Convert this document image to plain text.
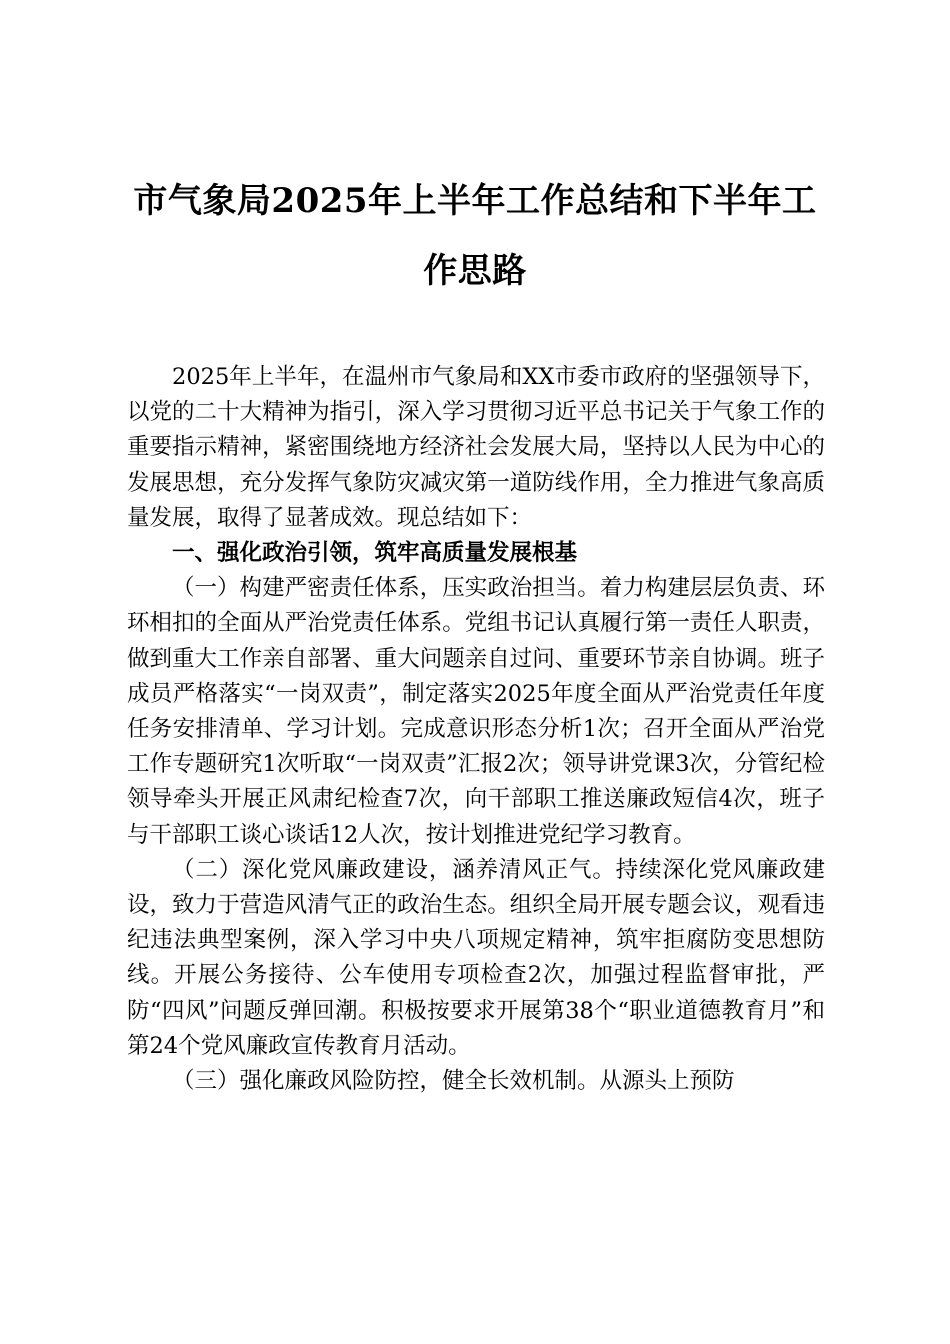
市气象局2025年上半年工作总结和下半年工作思路

2025年上半年，在温州市气象局和XX市委市政府的坚强领导下，以党的二十大精神为指引，深入学习贯彻习近平总书记关于气象工作的重要指示精神，紧密围绕地方经济社会发展大局，坚持以人民为中心的发展思想，充分发挥气象防灾减灾第一道防线作用，全力推进气象高质量发展，取得了显著成效。现总结如下：

一、强化政治引领，筑牢高质量发展根基

（一）构建严密责任体系，压实政治担当。着力构建层层负责、环环相扣的全面从严治党责任体系。党组书记认真履行第一责任人职责，做到重大工作亲自部署、重大问题亲自过问、重要环节亲自协调。班子成员严格落实“一岗双责”，制定落实2025年度全面从严治党责任年度任务安排清单、学习计划。完成意识形态分析1次；召开全面从严治党工作专题研究1次听取“一岗双责”汇报2次；领导讲党课3次，分管纪检领导牵头开展正风肃纪检查7次，向干部职工推送廉政短信4次，班子与干部职工谈心谈话12人次，按计划推进党纪学习教育。

（二）深化党风廉政建设，涵养清风正气。持续深化党风廉政建设，致力于营造风清气正的政治生态。组织全局开展专题会议，观看违纪违法典型案例，深入学习中央八项规定精神，筑牢拒腐防变思想防线。开展公务接待、公车使用专项检查2次，加强过程监督审批，严防“四风”问题反弹回潮。积极按要求开展第38个“职业道德教育月”和第24个党风廉政宣传教育月活动。

（三）强化廉政风险防控，健全长效机制。从源头上预防
